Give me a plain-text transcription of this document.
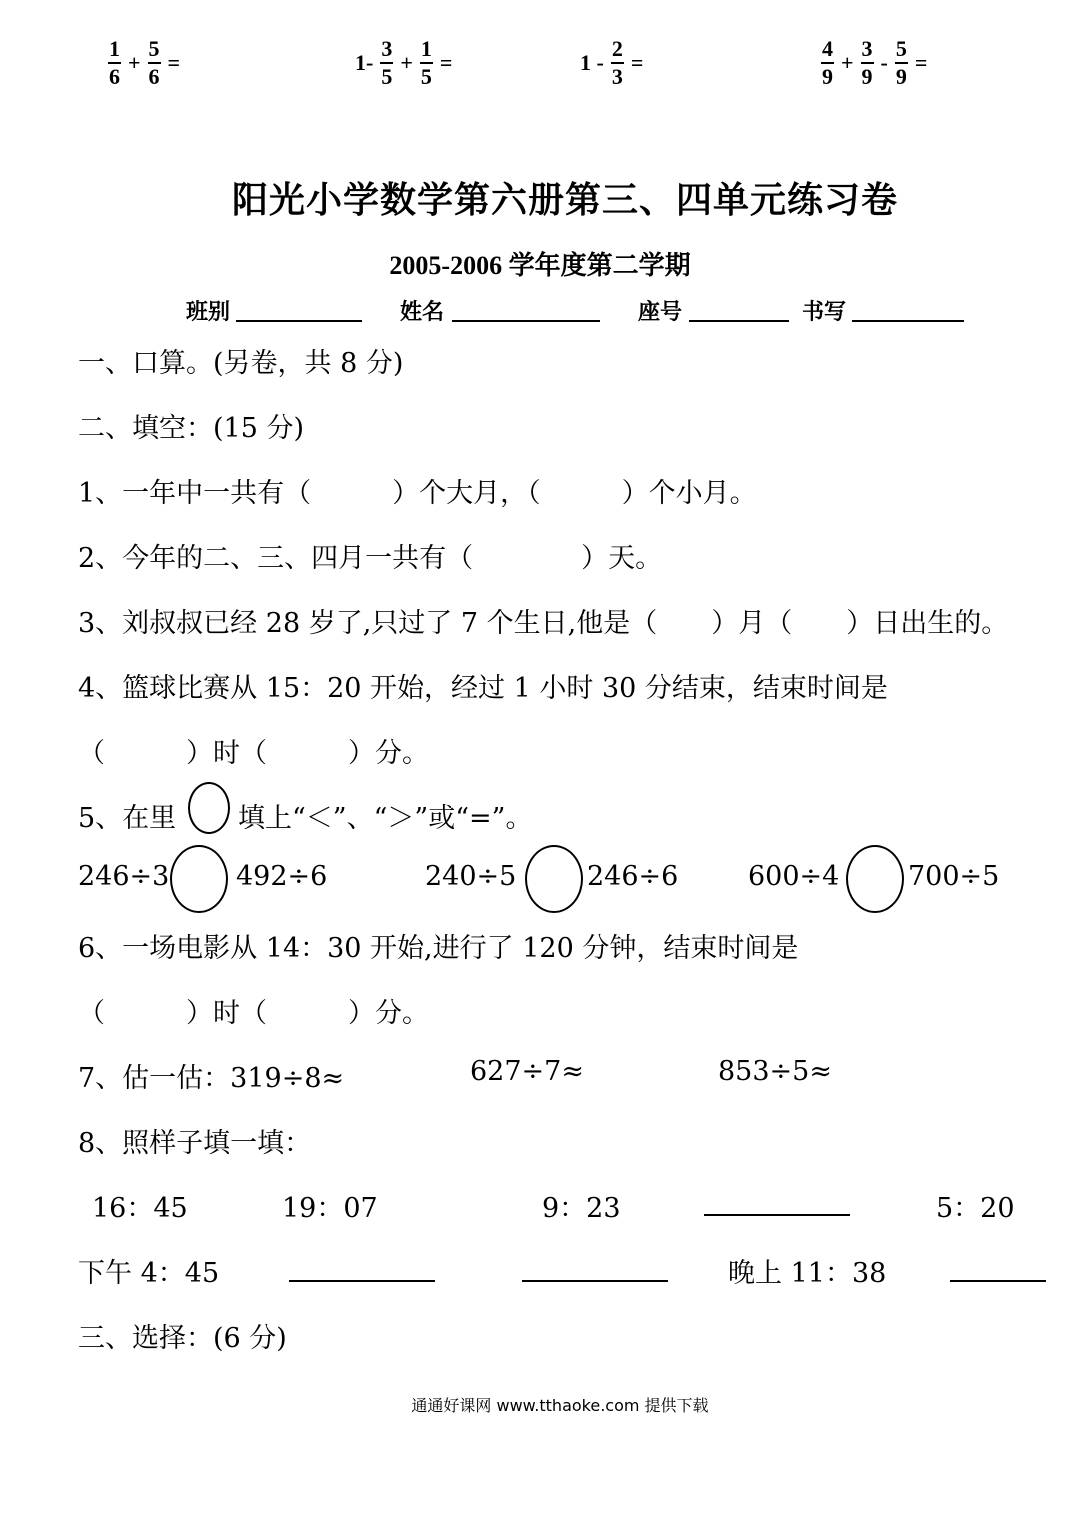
$\frac{1}{6} + \frac{5}{6}$ =	$1- \frac{3}{5} + \frac{1}{5}$ =	$1 - \frac{2}{3}$ =	$\frac{4}{9} + \frac{3}{9} - \frac{5}{9}$ =
阳光小学数学第六册第三、四单元练习卷
2005-2006 学年度第二学期
班别	姓名	座号	书写
一、口算。(另卷，共 8 分)
二、填空：(15 分)
1、一年中一共有（　　　）个大月，（　　　）个小月。
2、今年的二、三、四月一共有（　　　　）天。
3、刘叔叔已经 28 岁了,只过了 7 个生日,他是（　　）月（　　）日出生的。
4、篮球比赛从 15：20 开始，经过 1 小时 30 分结束，结束时间是
（　　　）时（　　　）分。
5、在里 填上“＜”、“＞”或“=”。
246÷3 492÷6	240÷5	246÷6	600÷4	700÷5
6、一场电影从 14：30 开始,进行了 120 分钟，结束时间是
（　　　）时（　　　）分。
7、估一估：319÷8≈	627÷7≈	853÷5≈
8、照样子填一填：
16：45	19：07	9：23	5：20
下午 4：45	晚上 11：38
三、选择：(6 分)
通通好课网 www.tthaoke.com 提供下载
